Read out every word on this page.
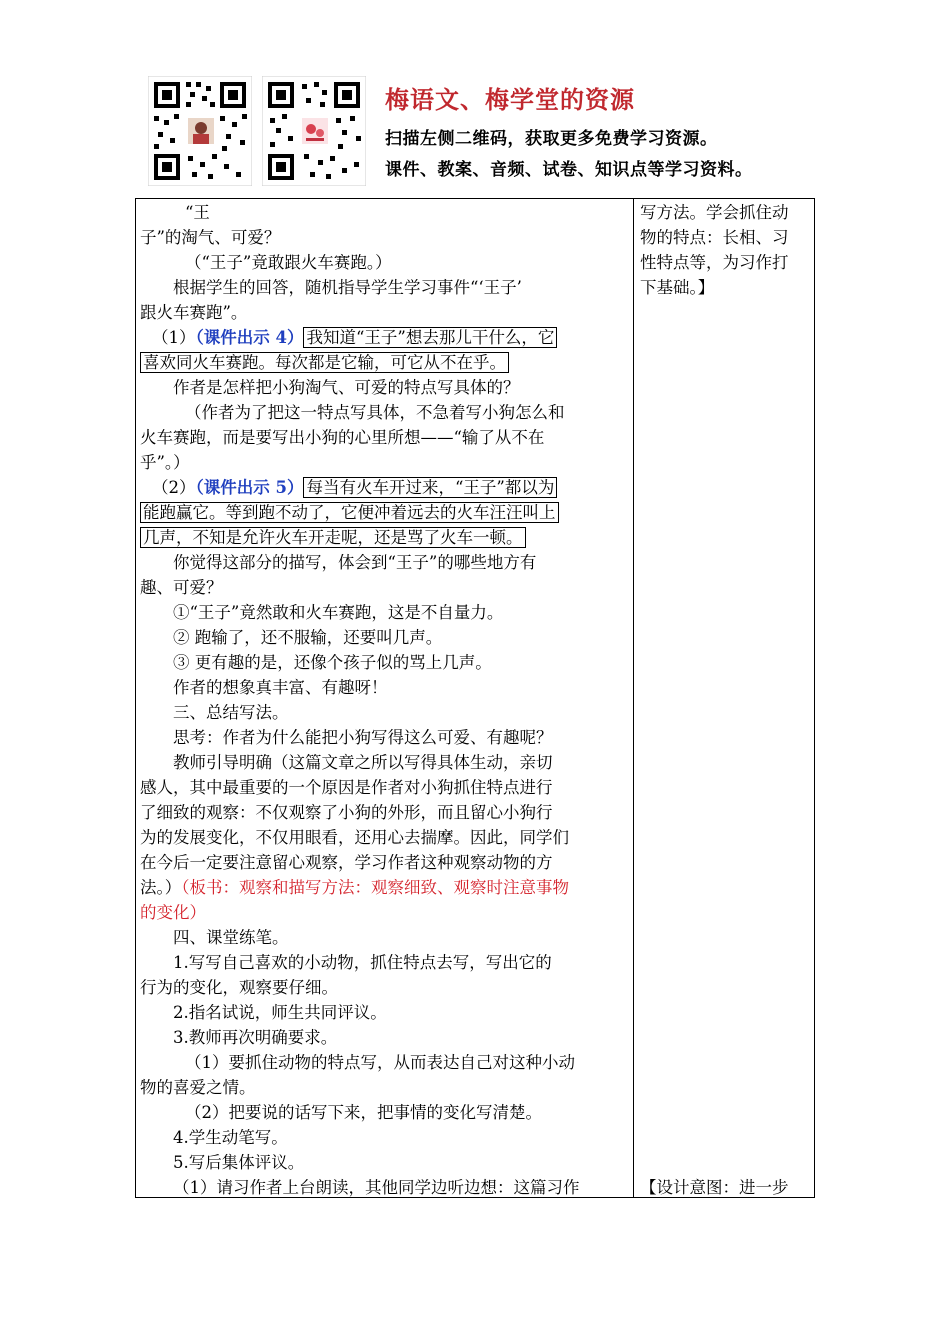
梅语文、梅学堂的资源
扫描左侧二维码，获取更多免费学习资源。
课件、教案、音频、试卷、知识点等学习资料。

“王

子”的淘气、可爱？

（“王子”竟敢跟火车赛跑。）

根据学生的回答，随机指导学生学习事件“‘王子’

跟火车赛跑”。

（1）（课件出示 4） 我知道“王子”想去那儿干什么，它

喜欢同火车赛跑。每次都是它输，可它从不在乎。

作者是怎样把小狗淘气、可爱的特点写具体的？

（作者为了把这一特点写具体，不急着写小狗怎么和

火车赛跑，而是要写出小狗的心里所想——“输了从不在

乎”。）

（2）（课件出示 5） 每当有火车开过来，“王子”都以为

能跑赢它。等到跑不动了，它便冲着远去的火车汪汪叫上

几声，不知是允许火车开走呢，还是骂了火车一顿。

你觉得这部分的描写，体会到“王子”的哪些地方有

趣、可爱？

①“王子”竟然敢和火车赛跑，这是不自量力。

② 跑输了，还不服输，还要叫几声。

③ 更有趣的是，还像个孩子似的骂上几声。

作者的想象真丰富、有趣呀！

三、总结写法。

思考：作者为什么能把小狗写得这么可爱、有趣呢？

教师引导明确（这篇文章之所以写得具体生动，亲切

感人，其中最重要的一个原因是作者对小狗抓住特点进行

了细致的观察：不仅观察了小狗的外形，而且留心小狗行

为的发展变化，不仅用眼看，还用心去揣摩。因此，同学们

在今后一定要注意留心观察，学习作者这种观察动物的方

法。）（板书：观察和描写方法：观察细致、观察时注意事物

的变化）

四、课堂练笔。

1.写写自己喜欢的小动物，抓住特点去写，写出它的

行为的变化，观察要仔细。

2.指名试说，师生共同评议。

3.教师再次明确要求。

（1）要抓住动物的特点写，从而表达自己对这种小动

物的喜爱之情。

（2）把要说的话写下来，把事情的变化写清楚。

4.学生动笔写。

5.写后集体评议。

（1）请习作者上台朗读，其他同学边听边想：这篇习作

写方法。学会抓住动

物的特点：长相、习

性特点等，为习作打

下基础。】

【设计意图：进一步
